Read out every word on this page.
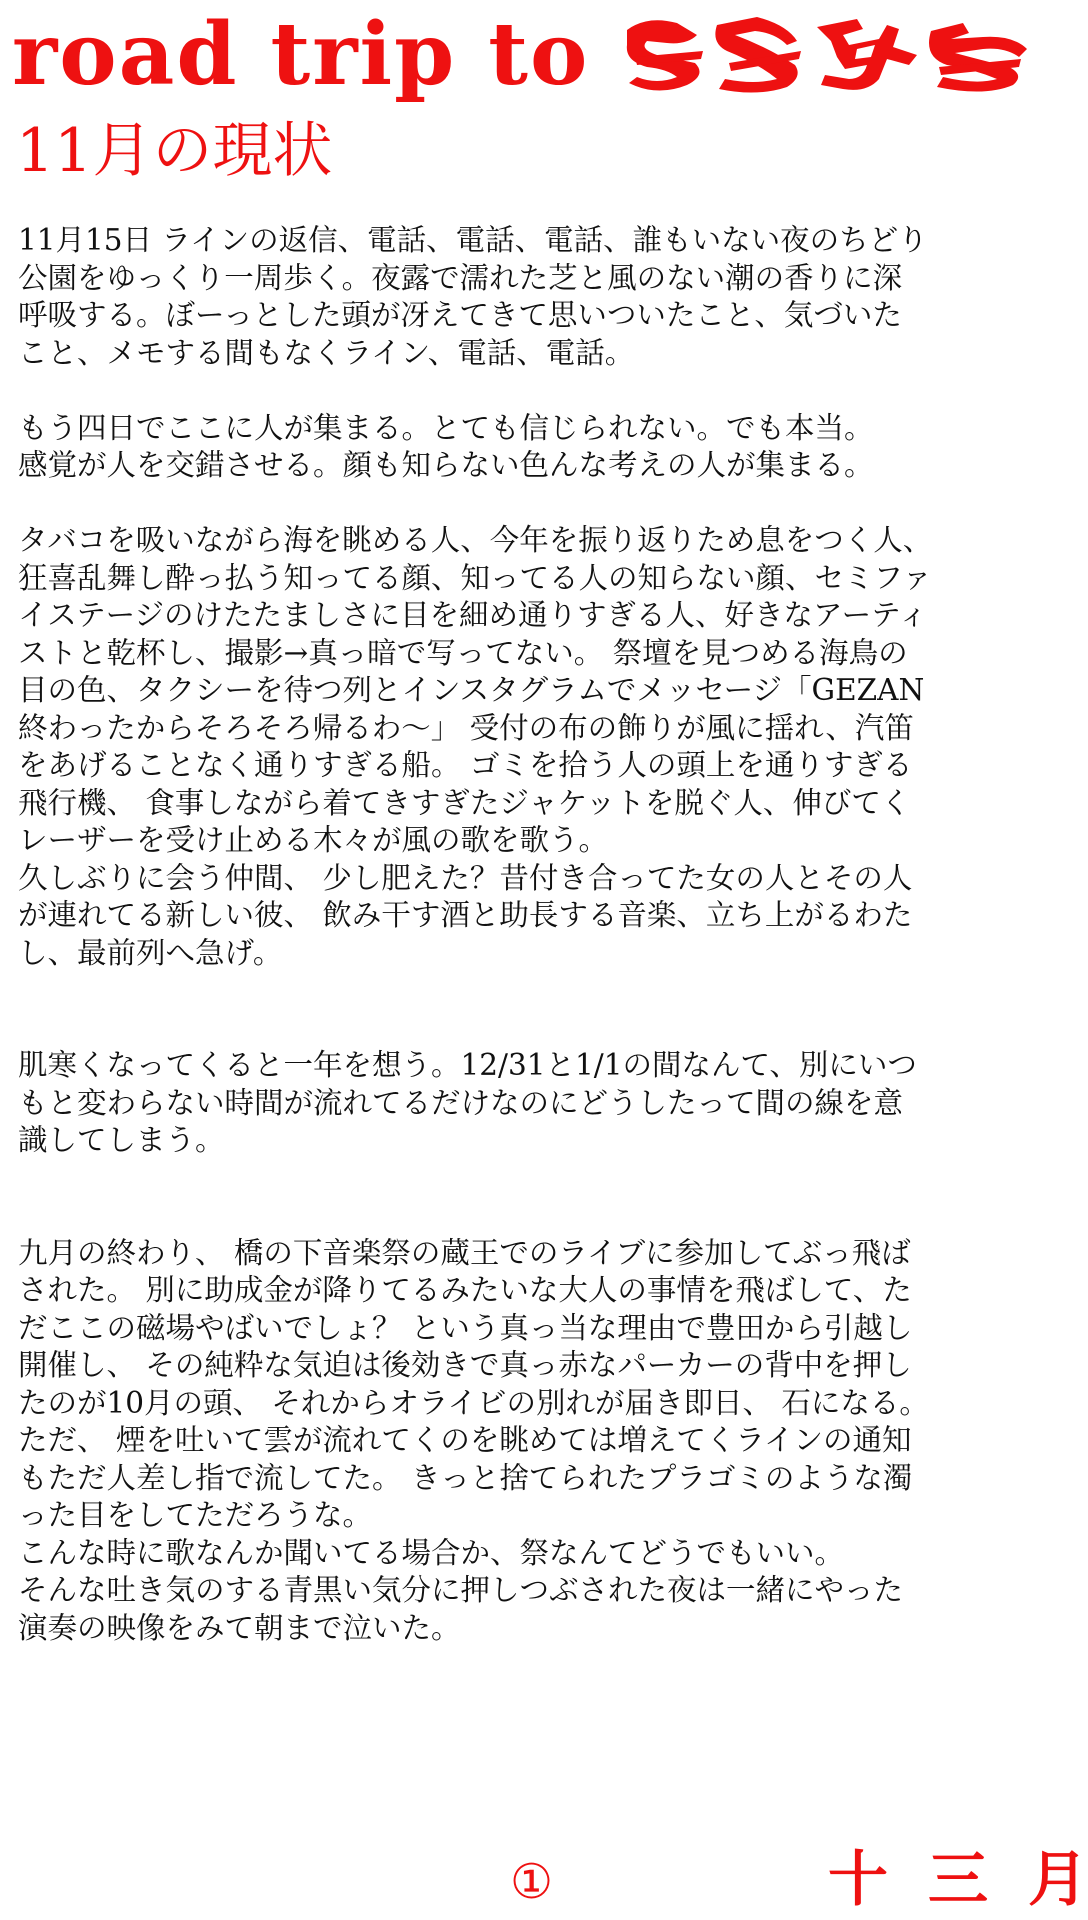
road trip to
11月の現状

11月15日 ラインの返信、電話、電話、電話、誰もいない夜のちどり
公園をゆっくり一周歩く。夜露で濡れた芝と風のない潮の香りに深
呼吸する。ぼーっとした頭が冴えてきて思いついたこと、気づいた
こと、メモする間もなくライン、電話、電話。

もう四日でここに人が集まる。とても信じられない。でも本当。
感覚が人を交錯させる。顔も知らない色んな考えの人が集まる。

タバコを吸いながら海を眺める人、今年を振り返りため息をつく人、
狂喜乱舞し酔っ払う知ってる顔、知ってる人の知らない顔、セミファ
イステージのけたたましさに目を細め通りすぎる人、好きなアーティ
ストと乾杯し、撮影→真っ暗で写ってない。 祭壇を見つめる海鳥の
目の色、タクシーを待つ列とインスタグラムでメッセージ「GEZAN
終わったからそろそろ帰るわ〜」 受付の布の飾りが風に揺れ、汽笛
をあげることなく通りすぎる船。 ゴミを拾う人の頭上を通りすぎる
飛行機、 食事しながら着てきすぎたジャケットを脱ぐ人、伸びてく
レーザーを受け止める木々が風の歌を歌う。
久しぶりに会う仲間、 少し肥えた？昔付き合ってた女の人とその人
が連れてる新しい彼、 飲み干す酒と助長する音楽、立ち上がるわた
し、最前列へ急げ。

肌寒くなってくると一年を想う。12/31と1/1の間なんて、別にいつ
もと変わらない時間が流れてるだけなのにどうしたって間の線を意
識してしまう。

九月の終わり、 橋の下音楽祭の蔵王でのライブに参加してぶっ飛ば
された。 別に助成金が降りてるみたいな大人の事情を飛ばして、た
だここの磁場やばいでしょ？ という真っ当な理由で豊田から引越し
開催し、 その純粋な気迫は後効きで真っ赤なパーカーの背中を押し
たのが10月の頭、 それからオライビの別れが届き即日、 石になる。
ただ、 煙を吐いて雲が流れてくのを眺めては増えてくラインの通知
もただ人差し指で流してた。 きっと捨てられたプラゴミのような濁
った目をしてただろうな。
こんな時に歌なんか聞いてる場合か、祭なんてどうでもいい。
そんな吐き気のする青黒い気分に押しつぶされた夜は一緒にやった
演奏の映像をみて朝まで泣いた。

①	十 三 月
